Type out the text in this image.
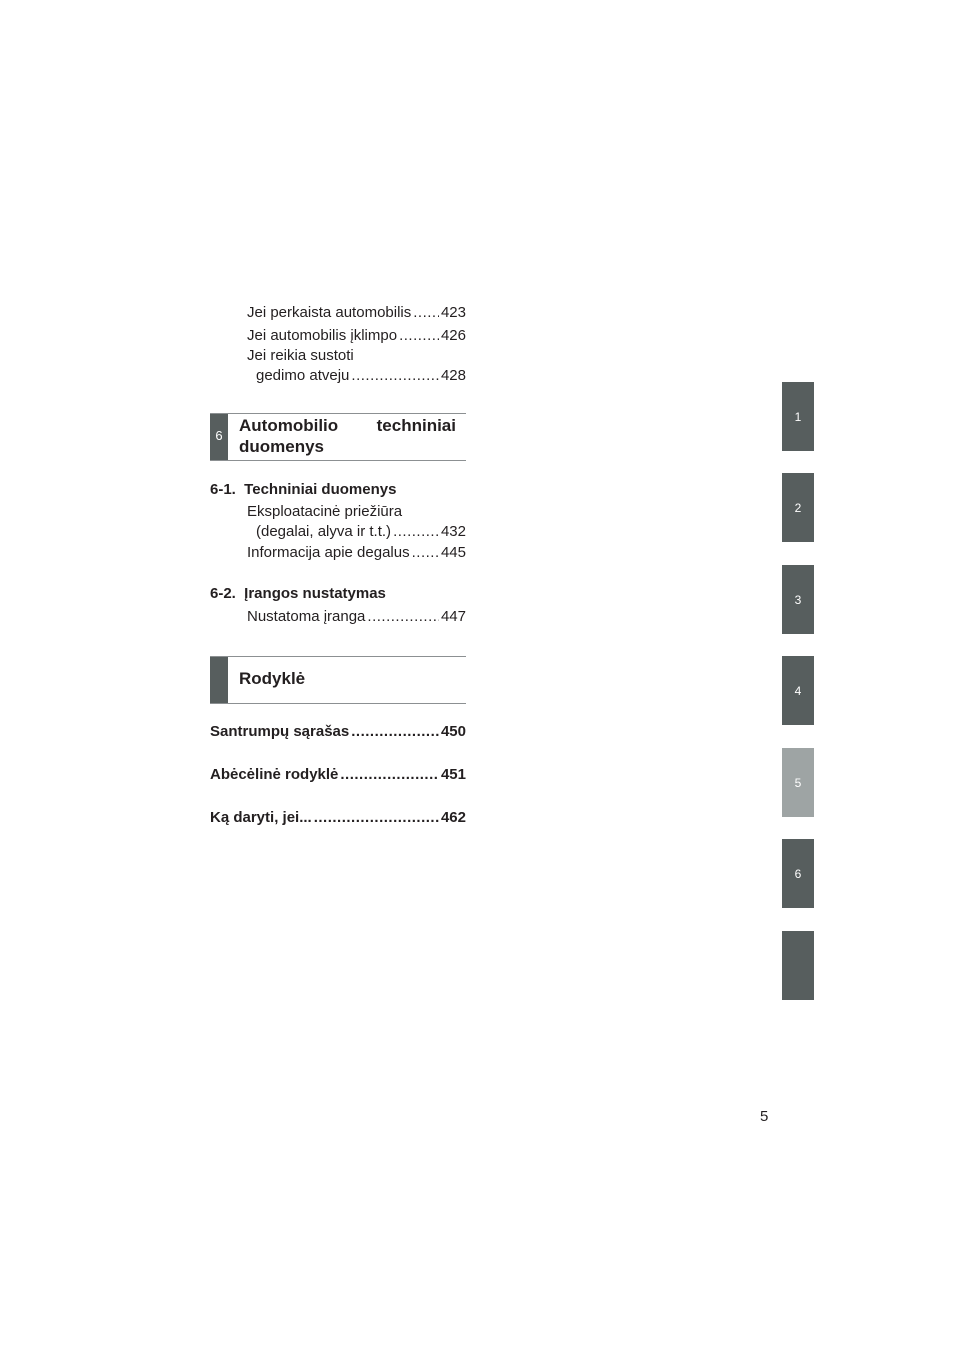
Jei perkaista automobilis ..... 423
Jei automobilis įklimpo .....	426
Jei reikia sustoti
gedimo atveju .....	428
6
Automobilio techniniai
duomenys
6-1.  Techniniai duomenys
Eksploatacinė priežiūra
(degalai, alyva ir t.t.) .....	432
Informacija apie degalus ..... 445
6-2.  Įrangos nustatymas
Nustatoma įranga .....	447
Rodyklė
Santrumpų sąrašas .....	450
Abėcėlinė rodyklė .....	451
Ką daryti, jei... .....	462
1
2
3
4
5
6
5
